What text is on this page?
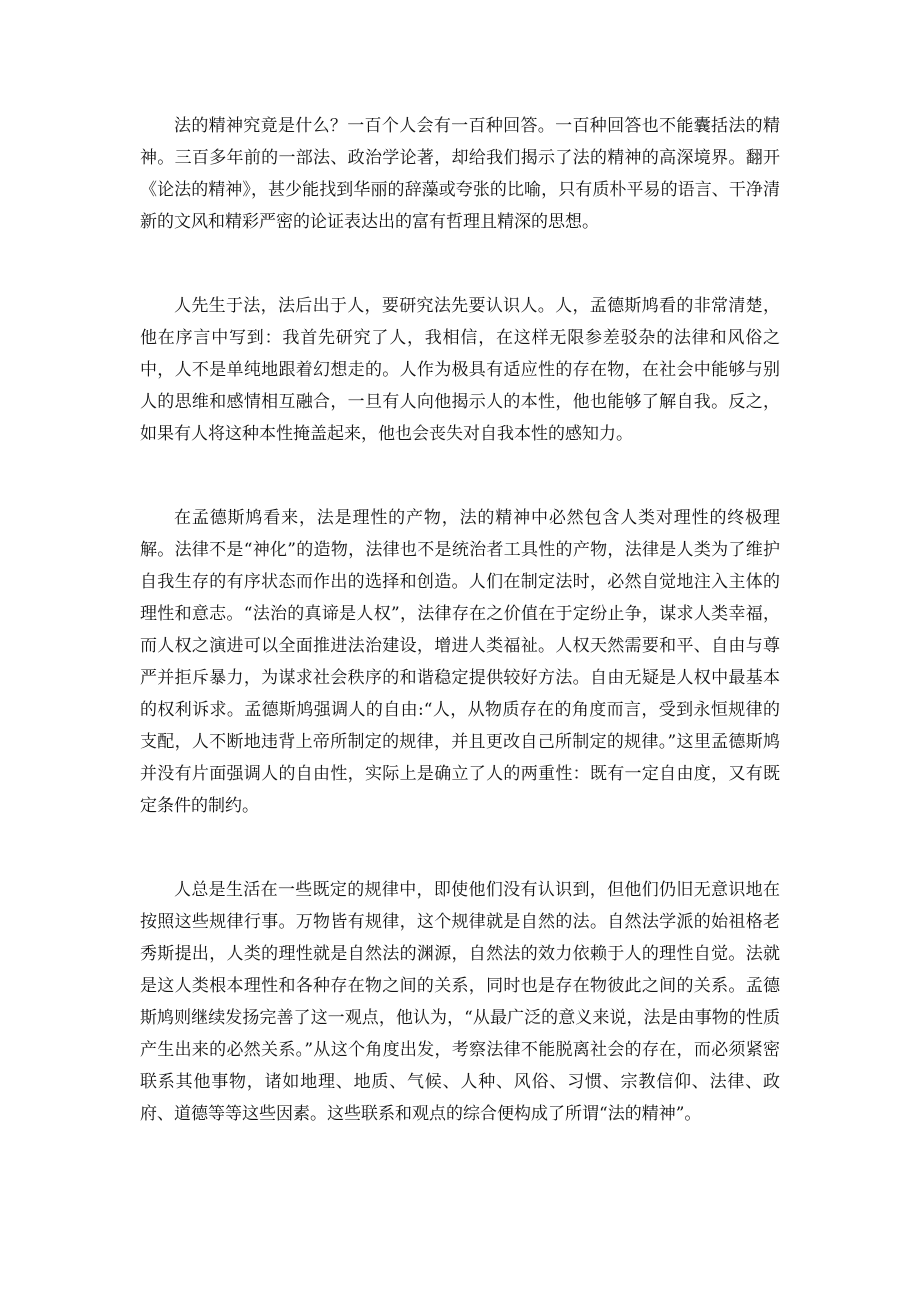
法的精神究竟是什么？一百个人会有一百种回答。一百种回答也不能囊括法的精神。三百多年前的一部法、政治学论著，却给我们揭示了法的精神的高深境界。翻开《论法的精神》，甚少能找到华丽的辞藻或夸张的比喻，只有质朴平易的语言、干净清新的文风和精彩严密的论证表达出的富有哲理且精深的思想。

人先生于法，法后出于人，要研究法先要认识人。人，孟德斯鸠看的非常清楚，他在序言中写到：我首先研究了人，我相信，在这样无限参差驳杂的法律和风俗之中，人不是单纯地跟着幻想走的。人作为极具有适应性的存在物，在社会中能够与别人的思维和感情相互融合，一旦有人向他揭示人的本性，他也能够了解自我。反之，如果有人将这种本性掩盖起来，他也会丧失对自我本性的感知力。

在孟德斯鸠看来，法是理性的产物，法的精神中必然包含人类对理性的终极理解。法律不是“神化”的造物，法律也不是统治者工具性的产物，法律是人类为了维护自我生存的有序状态而作出的选择和创造。人们在制定法时，必然自觉地注入主体的理性和意志。“法治的真谛是人权”，法律存在之价值在于定纷止争，谋求人类幸福，而人权之演进可以全面推进法治建设，增进人类福祉。人权天然需要和平、自由与尊严并拒斥暴力，为谋求社会秩序的和谐稳定提供较好方法。自由无疑是人权中最基本的权利诉求。孟德斯鸠强调人的自由:“人，从物质存在的角度而言，受到永恒规律的支配，人不断地违背上帝所制定的规律，并且更改自己所制定的规律。”这里孟德斯鸠并没有片面强调人的自由性，实际上是确立了人的两重性：既有一定自由度，又有既定条件的制约。

人总是生活在一些既定的规律中，即使他们没有认识到，但他们仍旧无意识地在按照这些规律行事。万物皆有规律，这个规律就是自然的法。自然法学派的始祖格老秀斯提出，人类的理性就是自然法的渊源，自然法的效力依赖于人的理性自觉。法就是这人类根本理性和各种存在物之间的关系，同时也是存在物彼此之间的关系。孟德斯鸠则继续发扬完善了这一观点，他认为，“从最广泛的意义来说，法是由事物的性质产生出来的必然关系。”从这个角度出发，考察法律不能脱离社会的存在，而必须紧密联系其他事物，诸如地理、地质、气候、人种、风俗、习惯、宗教信仰、法律、政府、道德等等这些因素。这些联系和观点的综合便构成了所谓“法的精神”。
